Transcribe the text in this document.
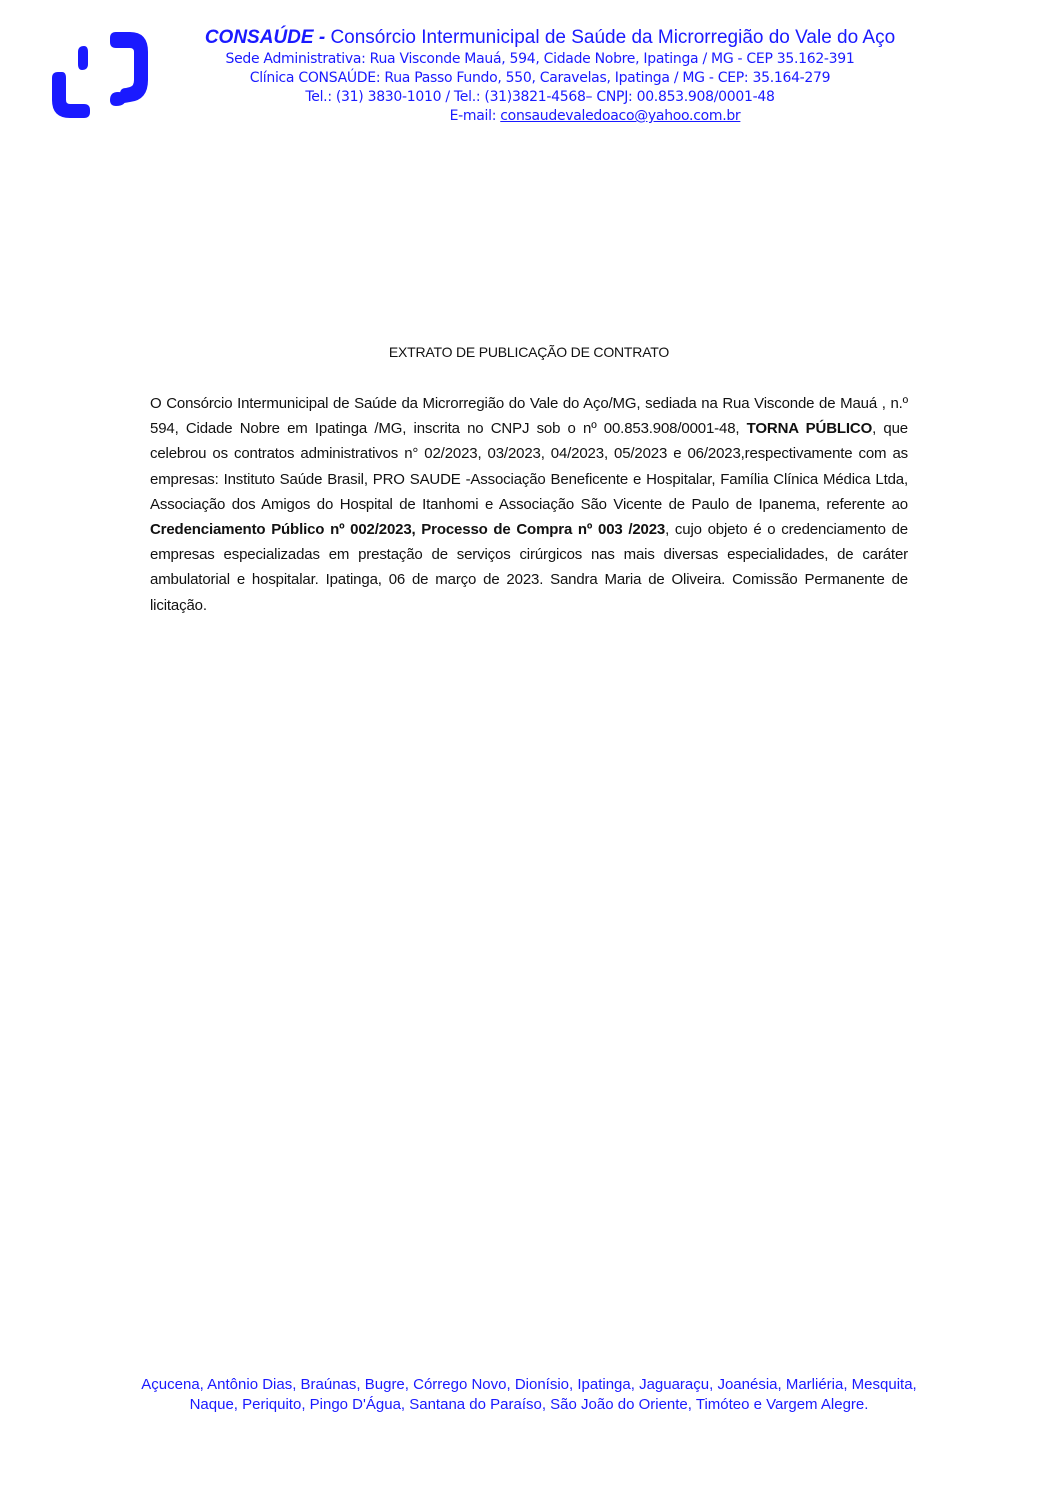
CONSAÚDE - Consórcio Intermunicipal de Saúde da Microrregião do Vale do Aço
Sede Administrativa: Rua Visconde Mauá, 594, Cidade Nobre, Ipatinga / MG - CEP 35.162-391
Clínica CONSAÚDE: Rua Passo Fundo, 550, Caravelas, Ipatinga / MG - CEP: 35.164-279
Tel.: (31) 3830-1010 / Tel.: (31)3821-4568– CNPJ: 00.853.908/0001-48
E-mail: consaudevaledoaco@yahoo.com.br
EXTRATO DE PUBLICAÇÃO DE CONTRATO
O Consórcio Intermunicipal de Saúde da Microrregião do Vale do Aço/MG, sediada na Rua Visconde de Mauá , n.º 594, Cidade Nobre em Ipatinga /MG, inscrita no CNPJ sob o nº 00.853.908/0001-48, TORNA PÚBLICO, que celebrou os contratos administrativos n° 02/2023, 03/2023, 04/2023, 05/2023 e 06/2023,respectivamente com as empresas: Instituto Saúde Brasil, PRO SAUDE -Associação Beneficente e Hospitalar, Família Clínica Médica Ltda, Associação dos Amigos do Hospital de Itanhomi e Associação São Vicente de Paulo de Ipanema, referente ao Credenciamento Público nº 002/2023, Processo de Compra nº 003 /2023, cujo objeto é o credenciamento de empresas especializadas em prestação de serviços cirúrgicos nas mais diversas especialidades, de caráter ambulatorial e hospitalar. Ipatinga, 06 de março de 2023. Sandra Maria de Oliveira. Comissão Permanente de licitação.
Açucena, Antônio Dias, Braúnas, Bugre, Córrego Novo, Dionísio, Ipatinga, Jaguaraçu, Joanésia, Marliéria, Mesquita,
Naque, Periquito, Pingo D'Água, Santana do Paraíso, São João do Oriente, Timóteo e Vargem Alegre.
